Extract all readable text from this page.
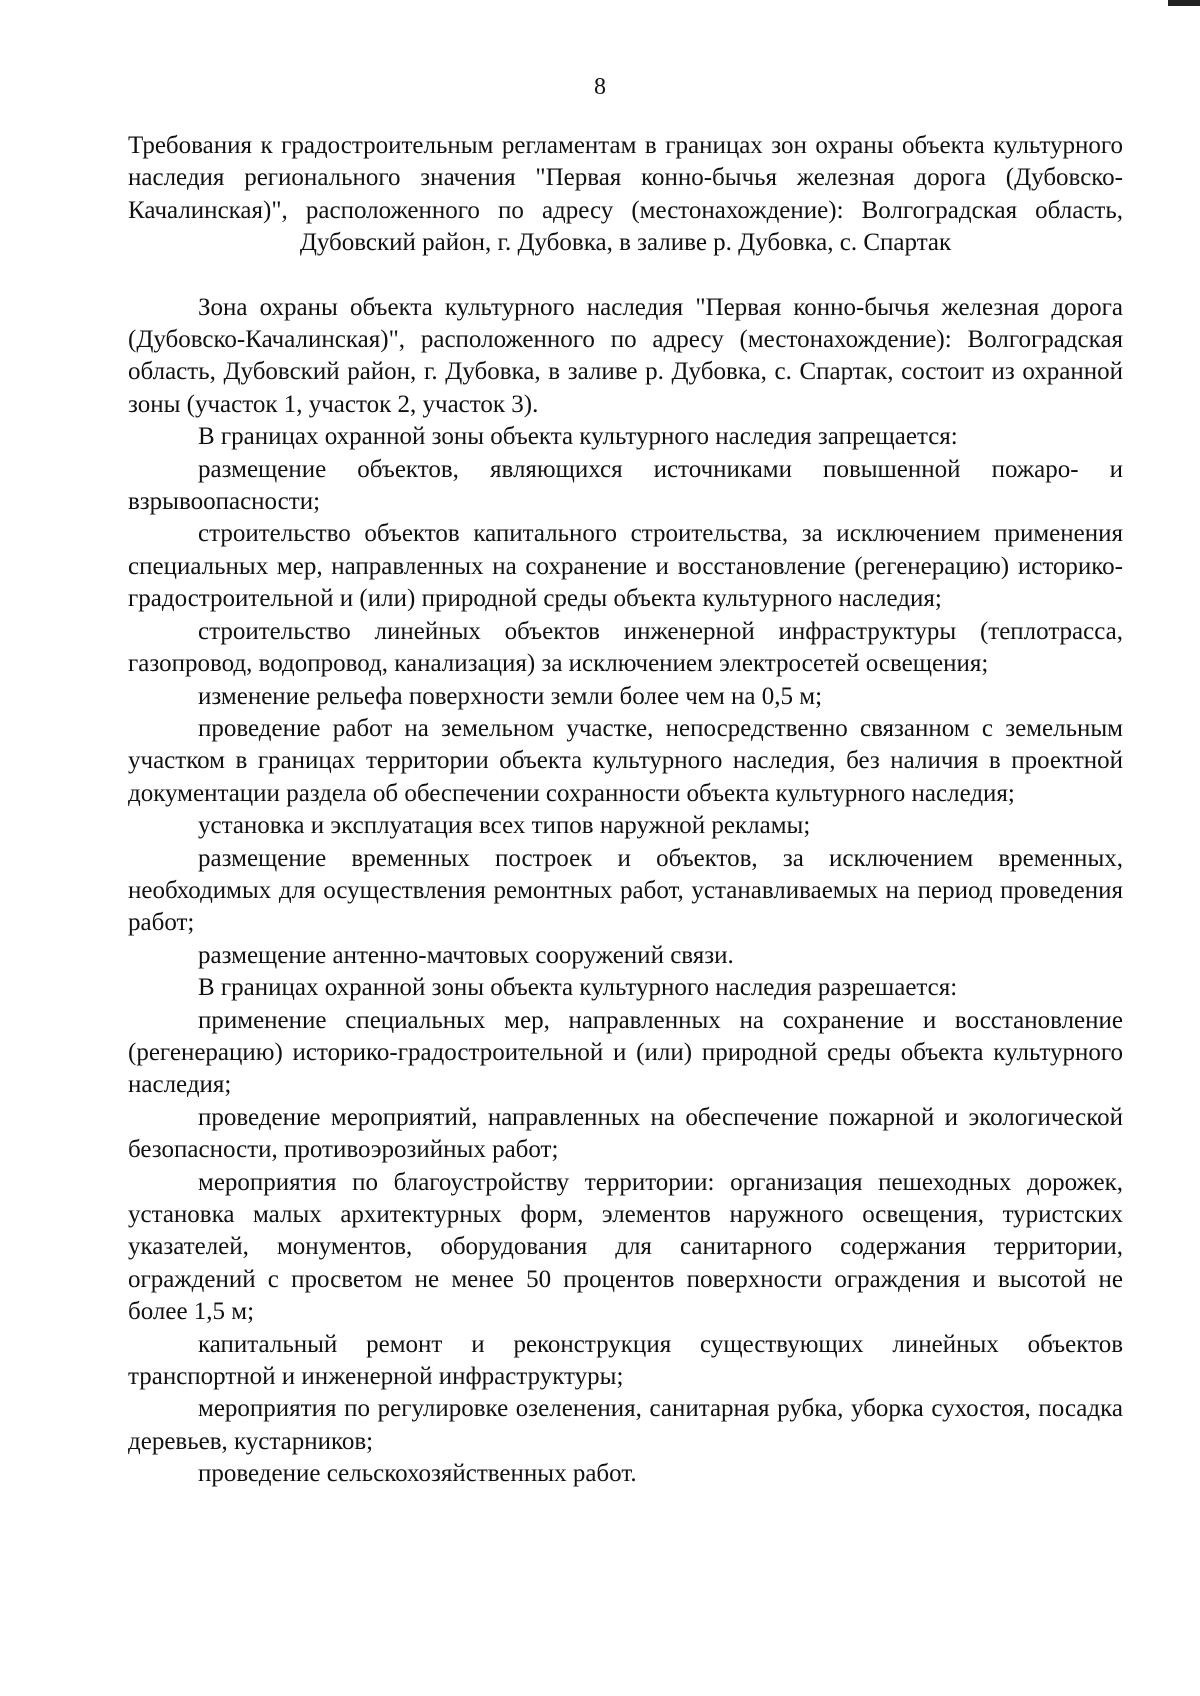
8

Требования к градостроительным регламентам в границах зон охраны объекта культурного наследия регионального значения "Первая конно-бычья железная дорога (Дубовско-Качалинская)", расположенного по адресу (местонахождение): Волгоградская область, Дубовский район, г. Дубовка, в заливе р. Дубовка, с. Спартак

Зона охраны объекта культурного наследия "Первая конно-бычья железная дорога (Дубовско-Качалинская)", расположенного по адресу (местонахождение): Волгоградская область, Дубовский район, г. Дубовка, в заливе р. Дубовка, с. Спартак, состоит из охранной зоны (участок 1, участок 2, участок 3).

В границах охранной зоны объекта культурного наследия запрещается:

размещение объектов, являющихся источниками повышенной пожаро- и взрывоопасности;

строительство объектов капитального строительства, за исключением применения специальных мер, направленных на сохранение и восстановление (регенерацию) историко-градостроительной и (или) природной среды объекта культурного наследия;

строительство линейных объектов инженерной инфраструктуры (теплотрасса, газопровод, водопровод, канализация) за исключением электросетей освещения;

изменение рельефа поверхности земли более чем на 0,5 м;

проведение работ на земельном участке, непосредственно связанном с земельным участком в границах территории объекта культурного наследия, без наличия в проектной документации раздела об обеспечении сохранности объекта культурного наследия;

установка и эксплуатация всех типов наружной рекламы;

размещение временных построек и объектов, за исключением временных, необходимых для осуществления ремонтных работ, устанавливаемых на период проведения работ;

размещение антенно-мачтовых сооружений связи.

В границах охранной зоны объекта культурного наследия разрешается:

применение специальных мер, направленных на сохранение и восстановление (регенерацию) историко-градостроительной и (или) природной среды объекта культурного наследия;

проведение мероприятий, направленных на обеспечение пожарной и экологической безопасности, противоэрозийных работ;

мероприятия по благоустройству территории: организация пешеходных дорожек, установка малых архитектурных форм, элементов наружного освещения, туристских указателей, монументов, оборудования для санитарного содержания территории, ограждений с просветом не менее 50 процентов поверхности ограждения и высотой не более 1,5 м;

капитальный ремонт и реконструкция существующих линейных объектов транспортной и инженерной инфраструктуры;

мероприятия по регулировке озеленения, санитарная рубка, уборка сухостоя, посадка деревьев, кустарников;

проведение сельскохозяйственных работ.
